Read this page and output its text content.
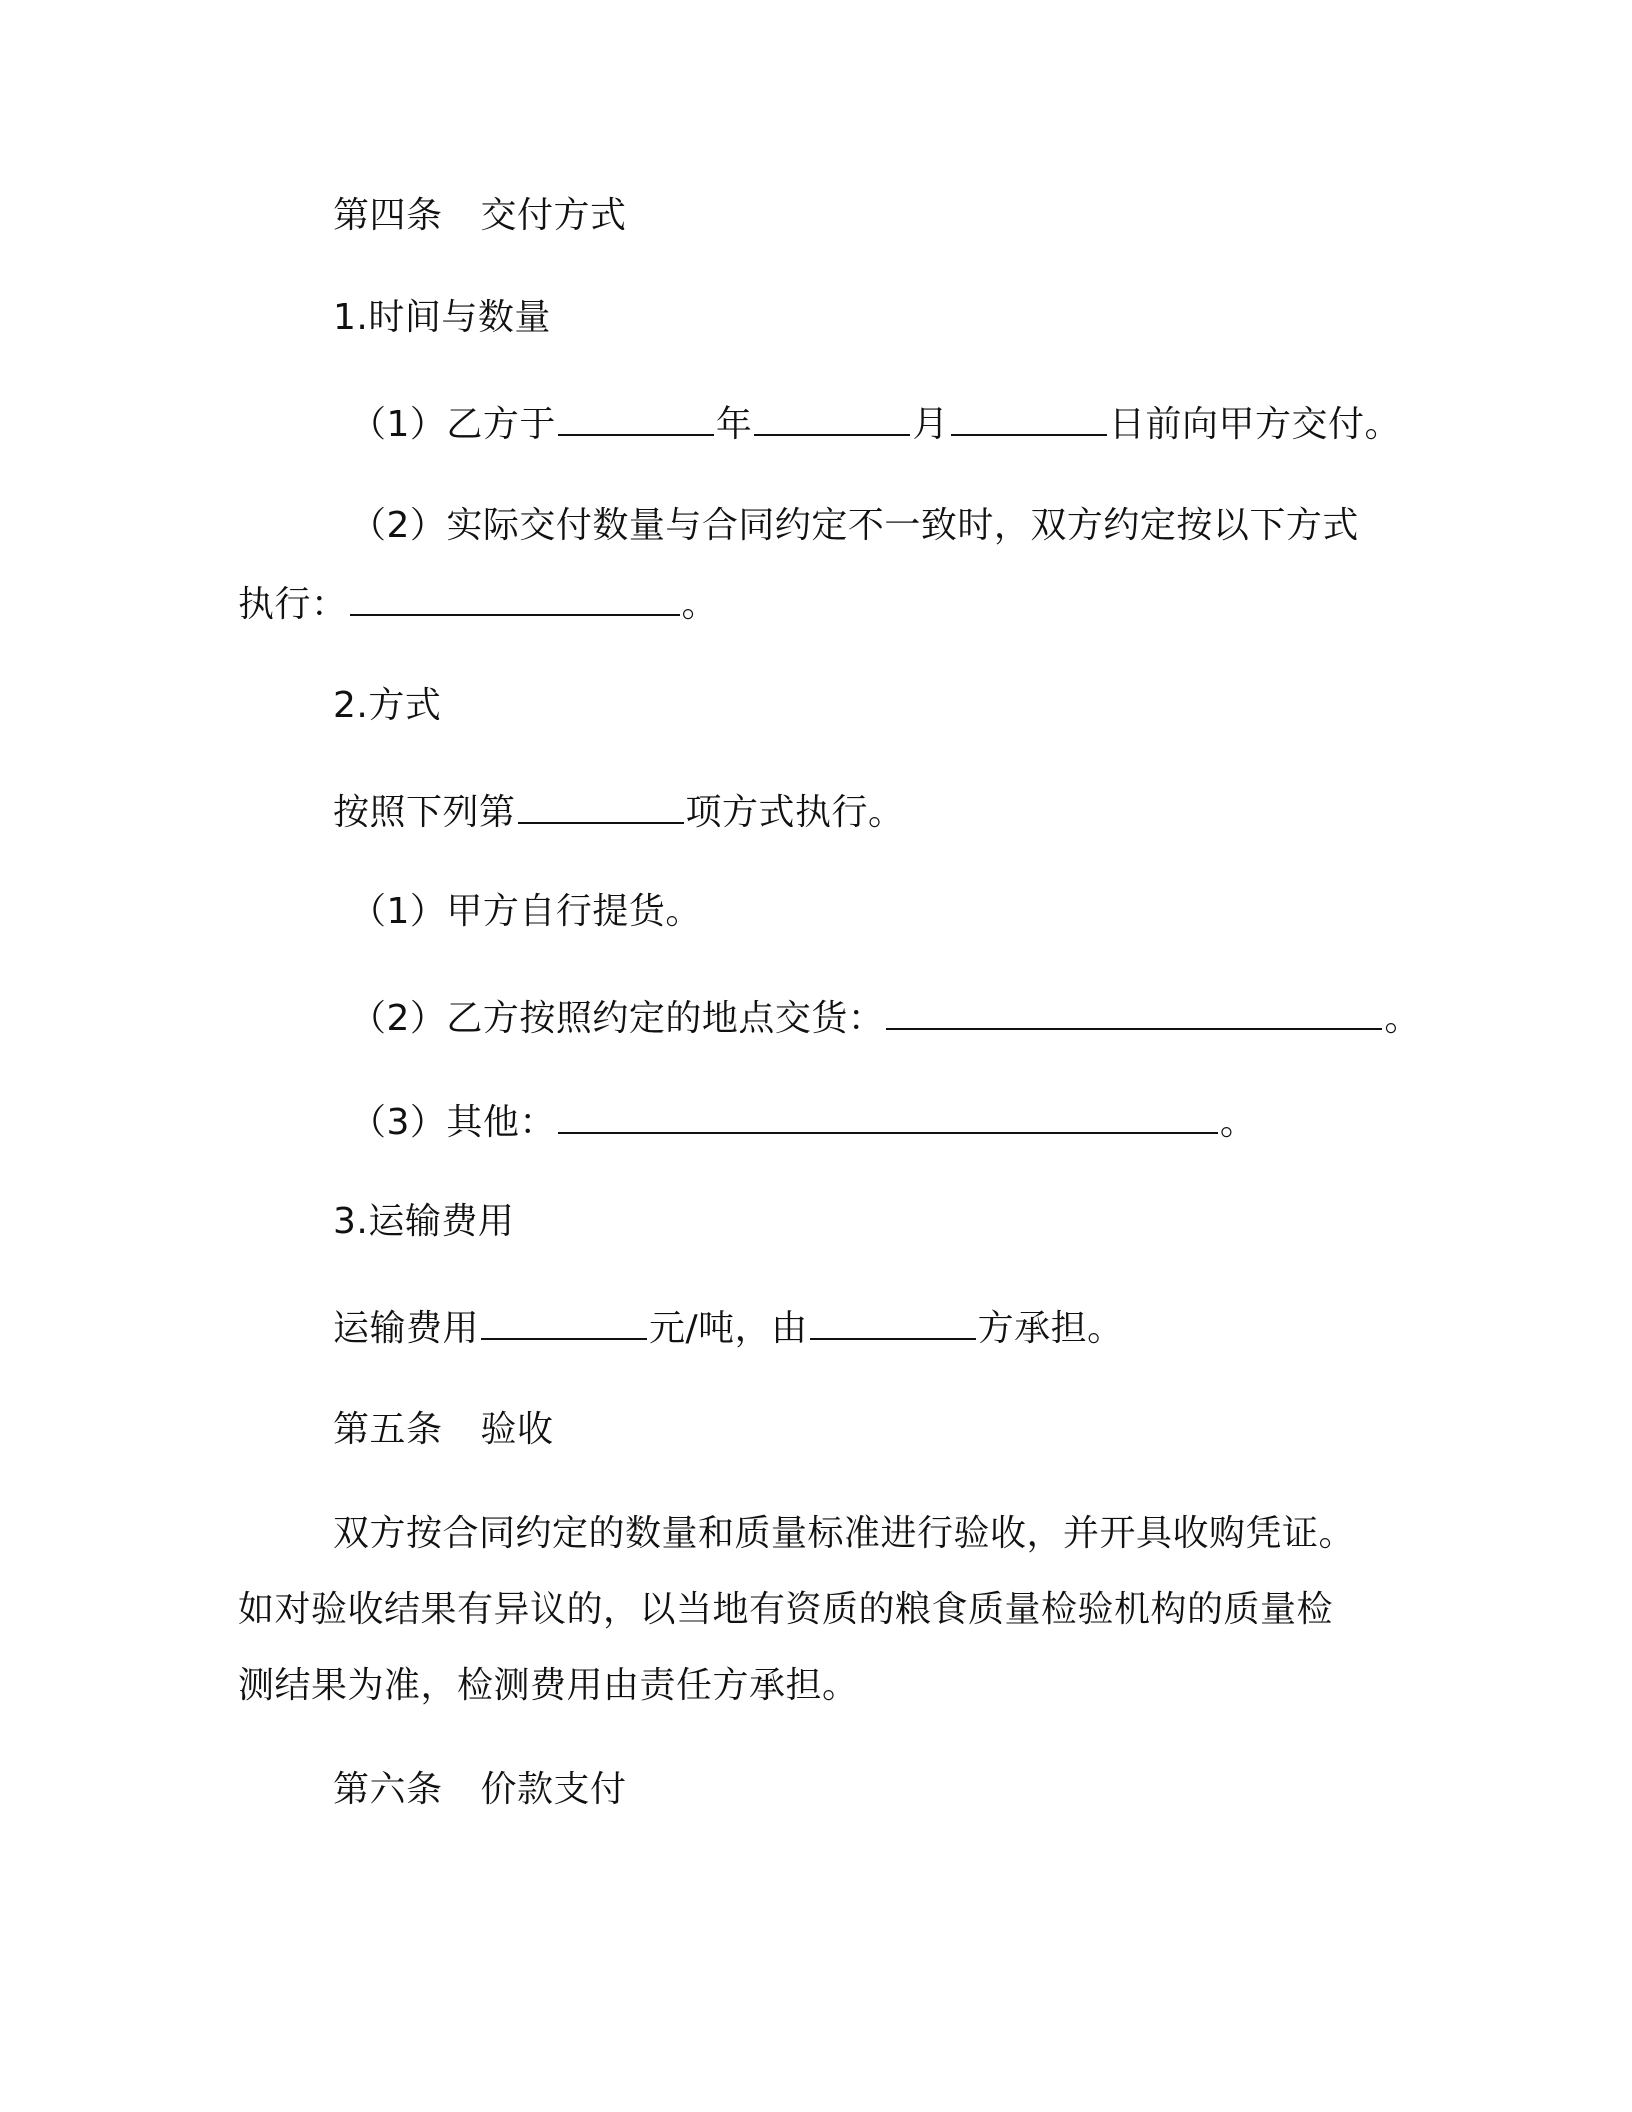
第四条 交付方式
1.时间与数量
（1）乙方于	年	月	日前向甲方交付。
（2）实际交付数量与合同约定不一致时，双方约定按以下方式
执行：	。
2.方式
按照下列第	项方式执行。
（1）甲方自行提货。
（2）乙方按照约定的地点交货：	。
（3）其他：	。
3.运输费用
运输费用	元/吨，由	方承担。
第五条 验收
双方按合同约定的数量和质量标准进行验收，并开具收购凭证。
如对验收结果有异议的，以当地有资质的粮食质量检验机构的质量检
测结果为准，检测费用由责任方承担。
第六条 价款支付
